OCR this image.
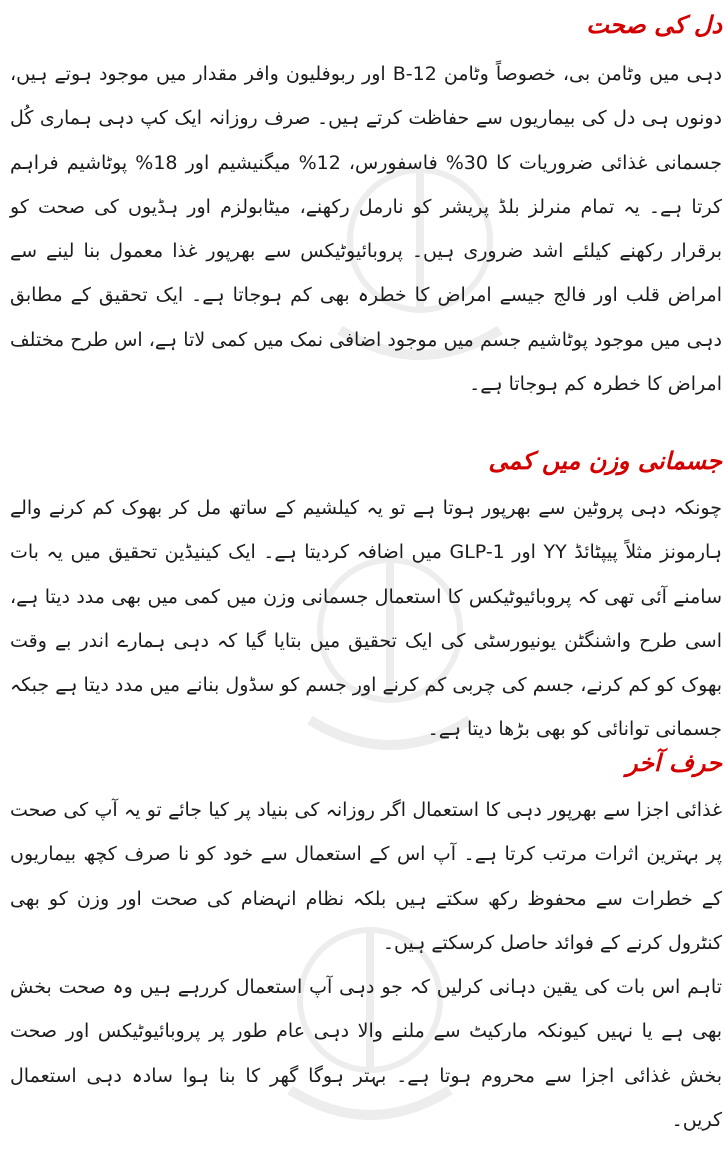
دل کی صحت

دہی میں وٹامن بی، خصوصاً وٹامن B-12 اور ربوفلیون وافر مقدار میں موجود ہوتے ہیں، دونوں ہی دل کی بیماریوں سے حفاظت کرتے ہیں۔ صرف روزانہ ایک کپ دہی ہماری کُل جسمانی غذائی ضروریات کا 30% فاسفورس، 12% میگنیشیم اور 18% پوٹاشیم فراہم کرتا ہے۔ یہ تمام منرلز بلڈ پریشر کو نارمل رکھنے، میٹابولزم اور ہڈیوں کی صحت کو برقرار رکھنے کیلئے اشد ضروری ہیں۔ پروبائیوٹیکس سے بھرپور غذا معمول بنا لینے سے امراض قلب اور فالج جیسے امراض کا خطرہ بھی کم ہوجاتا ہے۔ ایک تحقیق کے مطابق دہی میں موجود پوٹاشیم جسم میں موجود اضافی نمک میں کمی لاتا ہے، اس طرح مختلف امراض کا خطرہ کم ہوجاتا ہے۔

جسمانی وزن میں کمی

چونکہ دہی پروٹین سے بھرپور ہوتا ہے تو یہ کیلشیم کے ساتھ مل کر بھوک کم کرنے والے ہارمونز مثلاً پیپٹائڈ YY اور GLP-1 میں اضافہ کردیتا ہے۔ ایک کینیڈین تحقیق میں یہ بات سامنے آئی تھی کہ پروبائیوٹیکس کا استعمال جسمانی وزن میں کمی میں بھی مدد دیتا ہے، اسی طرح واشنگٹن یونیورسٹی کی ایک تحقیق میں بتایا گیا کہ دہی ہمارے اندر بے وقت بھوک کو کم کرنے، جسم کی چربی کم کرنے اور جسم کو سڈول بنانے میں مدد دیتا ہے جبکہ جسمانی توانائی کو بھی بڑھا دیتا ہے۔

حرف آخر

غذائی اجزا سے بھرپور دہی کا استعمال اگر روزانہ کی بنیاد پر کیا جائے تو یہ آپ کی صحت پر بہترین اثرات مرتب کرتا ہے۔ آپ اس کے استعمال سے خود کو نا صرف کچھ بیماریوں کے خطرات سے محفوظ رکھ سکتے ہیں بلکہ نظام انہضام کی صحت اور وزن کو بھی کنٹرول کرنے کے فوائد حاصل کرسکتے ہیں۔

تاہم اس بات کی یقین دہانی کرلیں کہ جو دہی آپ استعمال کررہے ہیں وہ صحت بخش بھی ہے یا نہیں کیونکہ مارکیٹ سے ملنے والا دہی عام طور پر پروبائیوٹیکس اور صحت بخش غذائی اجزا سے محروم ہوتا ہے۔ بہتر ہوگا گھر کا بنا ہوا سادہ دہی استعمال کریں۔
